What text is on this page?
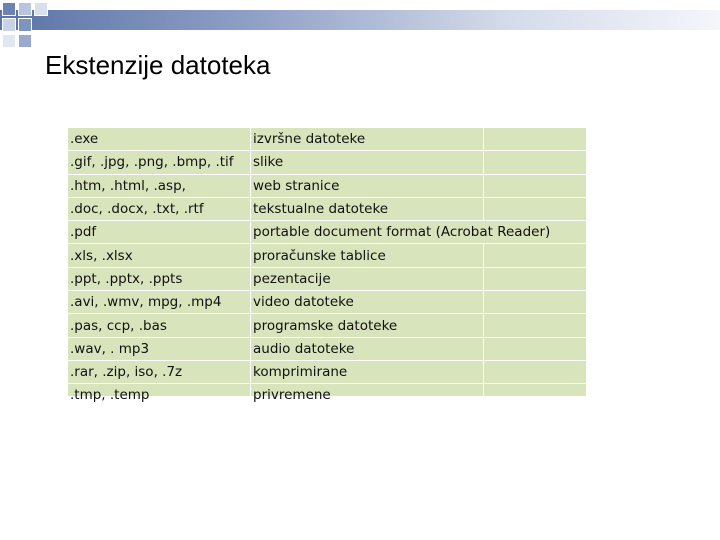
Ekstenzije datoteka
.exe	izvršne datoteke	
.gif, .jpg, .png, .bmp, .tif	slike	
.htm, .html, .asp,	web stranice	
.doc, .docx, .txt, .rtf	tekstualne datoteke	
.pdf	portable document format (Acrobat Reader)	
.xls, .xlsx	proračunske tablice	
.ppt, .pptx, .ppts	pezentacije	
.avi, .wmv, mpg, .mp4	video datoteke	
.pas, ccp, .bas	programske datoteke	
.wav, . mp3	audio datoteke	
.rar, .zip, iso, .7z	komprimirane	
.tmp, .temp	privremene	
